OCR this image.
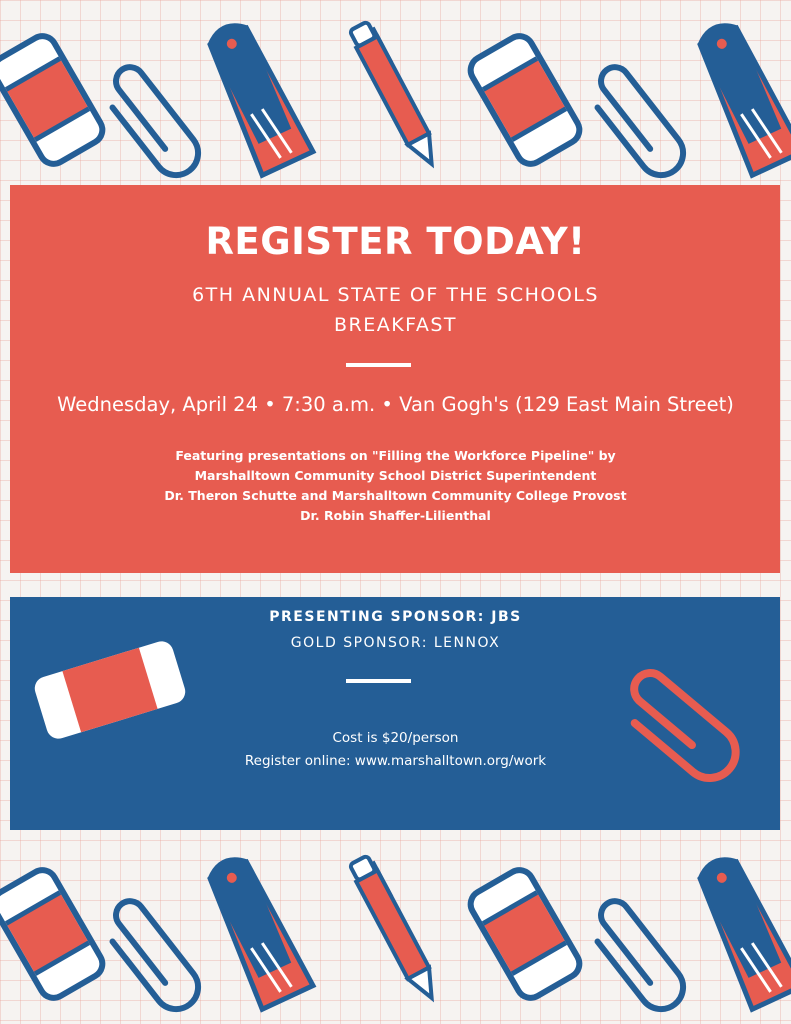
REGISTER TODAY!
6TH ANNUAL STATE OF THE SCHOOLS
BREAKFAST
Wednesday, April 24 • 7:30 a.m. • Van Gogh's (129 East Main Street)
Featuring presentations on "Filling the Workforce Pipeline" by
Marshalltown Community School District Superintendent
Dr. Theron Schutte and Marshalltown Community College Provost
Dr. Robin Shaffer-Lilienthal
PRESENTING SPONSOR: JBS
GOLD SPONSOR: LENNOX
Cost is $20/person
Register online: www.marshalltown.org/work
